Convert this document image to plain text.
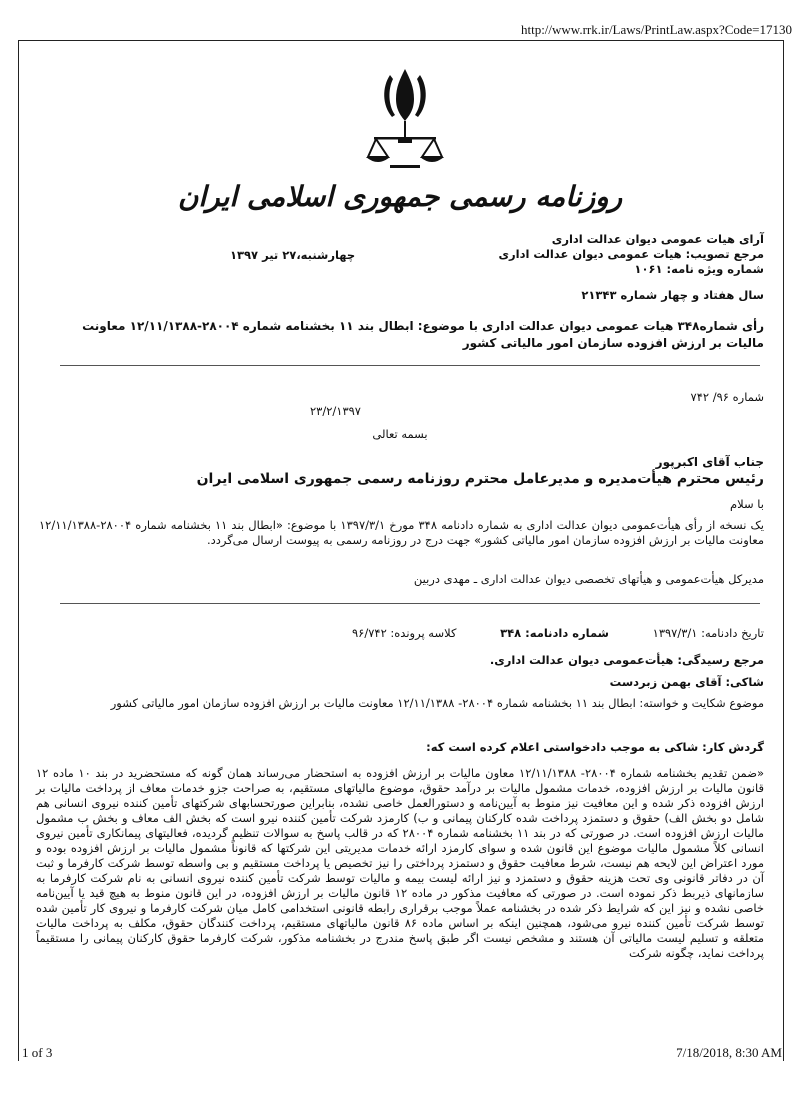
http://www.rrk.ir/Laws/PrintLaw.aspx?Code=17130
روزنامه رسمی جمهوری اسلامی ایران
آرای هیات عمومی دیوان عدالت اداری
مرجع تصویب: هیات عمومی دیوان عدالت اداری
شماره ویژه نامه: ۱۰۶۱
چهارشنبه،۲۷ تیر ۱۳۹۷
سال هفتاد و چهار شماره ۲۱۳۴۳
رأی شماره۳۴۸ هیات عمومی دیوان عدالت اداری با موضوع: ابطال بند ۱۱ بخشنامه شماره ۲۸۰۰۴-۱۲/۱۱/۱۳۸۸ معاونت مالیات بر ارزش افزوده سازمان امور مالیاتی کشور
شماره ۹۶/ ۷۴۲
۲۳/۲/۱۳۹۷
بسمه تعالی
جناب آقای اکبرپور
رئیس محترم هیأت‌مدیره و مدیرعامل محترم روزنامه رسمی جمهوری اسلامی ایران
با سلام
یک نسخه از رأی هیأت‌عمومی دیوان عدالت اداری به شماره دادنامه ۳۴۸ مورخ ۱۳۹۷/۳/۱ با موضوع: «ابطال بند ۱۱ بخشنامه شماره ۲۸۰۰۴-۱۲/۱۱/۱۳۸۸ معاونت مالیات بر ارزش افزوده سازمان امور مالیاتی کشور» جهت درج در روزنامه رسمی به پیوست ارسال می‌گردد.
مدیرکل هیأت‌عمومی و هیأتهای تخصصی دیوان عدالت اداری ـ مهدی دربین
تاریخ دادنامه: ۱۳۹۷/۳/۱ شماره دادنامه: ۳۴۸ کلاسه پرونده: ۹۶/۷۴۲
مرجع رسیدگی: هیأت‌عمومی دیوان عدالت اداری.
شاکی: آقای بهمن زبردست
موضوع شکایت و خواسته: ابطال بند ۱۱ بخشنامه شماره ۲۸۰۰۴- ۱۲/۱۱/۱۳۸۸ معاونت مالیات بر ارزش افزوده سازمان امور مالیاتی کشور
گردش کار: شاکی به موجب دادخواستی اعلام کرده است که:
«ضمن تقدیم بخشنامه شماره ۲۸۰۰۴- ۱۲/۱۱/۱۳۸۸ معاون مالیات بر ارزش افزوده به استحضار می‌رساند همان گونه که مستحضرید در بند ۱۰ ماده ۱۲ قانون مالیات بر ارزش افزوده، خدمات مشمول مالیات بر درآمد حقوق، موضوع مالیاتهای مستقیم، به صراحت جزو خدمات معاف از پرداخت مالیات بر ارزش افزوده ذکر شده و این معافیت نیز منوط به آیین‌نامه و دستورالعمل خاصی نشده، بنابراین صورتحسابهای شرکتهای تأمین کننده نیروی انسانی هم شامل دو بخش الف) حقوق و دستمزد پرداخت شده کارکنان پیمانی و ب) کارمزد شرکت تأمین کننده نیرو است که بخش الف معاف و بخش ب مشمول مالیات ارزش افزوده است. در صورتی که در بند ۱۱ بخشنامه شماره ۲۸۰۰۴ که در قالب پاسخ به سوالات تنظیم گردیده، فعالیتهای پیمانکاری تأمین نیروی انسانی کلاً مشمول مالیات موضوع این قانون شده و سوای کارمزد ارائه خدمات مدیریتی این شرکتها که قانوناً مشمول مالیات بر ارزش افزوده بوده و مورد اعتراض این لایحه هم نیست، شرط معافیت حقوق و دستمزد پرداختی را نیز تخصیص یا پرداخت مستقیم و بی واسطه توسط شرکت کارفرما و ثبت آن در دفاتر قانونی وی تحت هزینه حقوق و دستمزد و نیز ارائه لیست بیمه و مالیات توسط شرکت تأمین کننده نیروی انسانی به نام شرکت کارفرما به سازمانهای ذیربط ذکر نموده است. در صورتی که معافیت مذکور در ماده ۱۲ قانون مالیات بر ارزش افزوده، در این قانون منوط به هیچ قید یا آیین‌نامه خاصی نشده و نیز این که شرایط ذکر شده در بخشنامه عملاً موجب برقراری رابطه قانونی استخدامی کامل میان شرکت کارفرما و نیروی کار تأمین شده توسط شرکت تأمین کننده نیرو می‌شود، همچنین اینکه بر اساس ماده ۸۶ قانون مالیاتهای مستقیم، پرداخت کنندگان حقوق، مکلف به پرداخت مالیات متعلقه و تسلیم لیست مالیاتی آن هستند و مشخص نیست اگر طبق پاسخ مندرج در بخشنامه مذکور، شرکت کارفرما حقوق کارکنان پیمانی را مستقیماً پرداخت نماید، چگونه شرکت
1 of 3	7/18/2018, 8:30 AM
